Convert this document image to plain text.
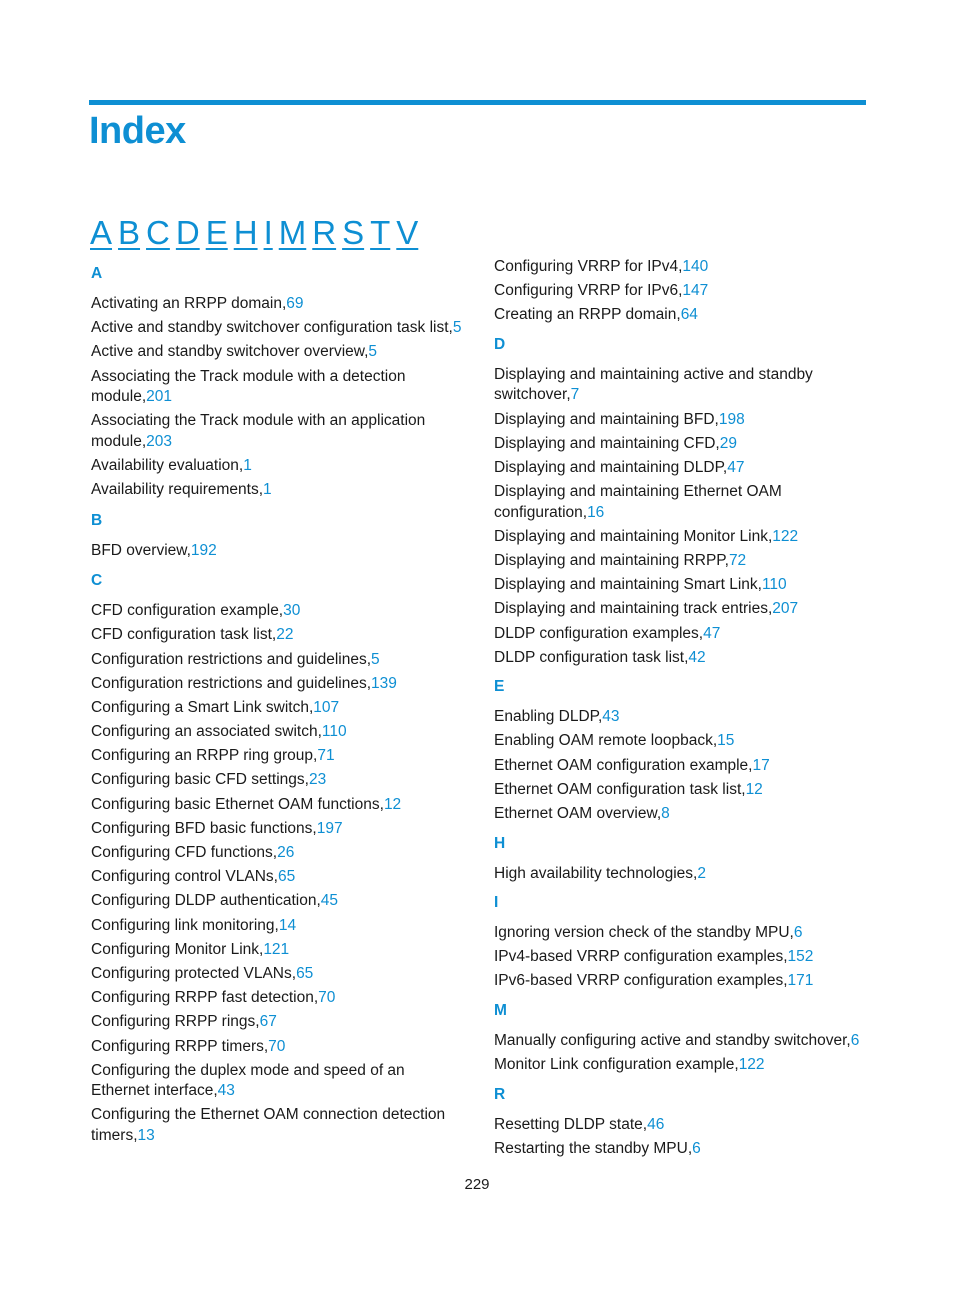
Index
A B C D E H I M R S T V
A
Activating an RRPP domain,69
Active and standby switchover configuration task list,5
Active and standby switchover overview,5
Associating the Track module with a detection module,201
Associating the Track module with an application module,203
Availability evaluation,1
Availability requirements,1
B
BFD overview,192
C
CFD configuration example,30
CFD configuration task list,22
Configuration restrictions and guidelines,5
Configuration restrictions and guidelines,139
Configuring a Smart Link switch,107
Configuring an associated switch,110
Configuring an RRPP ring group,71
Configuring basic CFD settings,23
Configuring basic Ethernet OAM functions,12
Configuring BFD basic functions,197
Configuring CFD functions,26
Configuring control VLANs,65
Configuring DLDP authentication,45
Configuring link monitoring,14
Configuring Monitor Link,121
Configuring protected VLANs,65
Configuring RRPP fast detection,70
Configuring RRPP rings,67
Configuring RRPP timers,70
Configuring the duplex mode and speed of an Ethernet interface,43
Configuring the Ethernet OAM connection detection timers,13
Configuring VRRP for IPv4,140
Configuring VRRP for IPv6,147
Creating an RRPP domain,64
D
Displaying and maintaining active and standby switchover,7
Displaying and maintaining BFD,198
Displaying and maintaining CFD,29
Displaying and maintaining DLDP,47
Displaying and maintaining Ethernet OAM configuration,16
Displaying and maintaining Monitor Link,122
Displaying and maintaining RRPP,72
Displaying and maintaining Smart Link,110
Displaying and maintaining track entries,207
DLDP configuration examples,47
DLDP configuration task list,42
E
Enabling DLDP,43
Enabling OAM remote loopback,15
Ethernet OAM configuration example,17
Ethernet OAM configuration task list,12
Ethernet OAM overview,8
H
High availability technologies,2
I
Ignoring version check of the standby MPU,6
IPv4-based VRRP configuration examples,152
IPv6-based VRRP configuration examples,171
M
Manually configuring active and standby switchover,6
Monitor Link configuration example,122
R
Resetting DLDP state,46
Restarting the standby MPU,6
229
